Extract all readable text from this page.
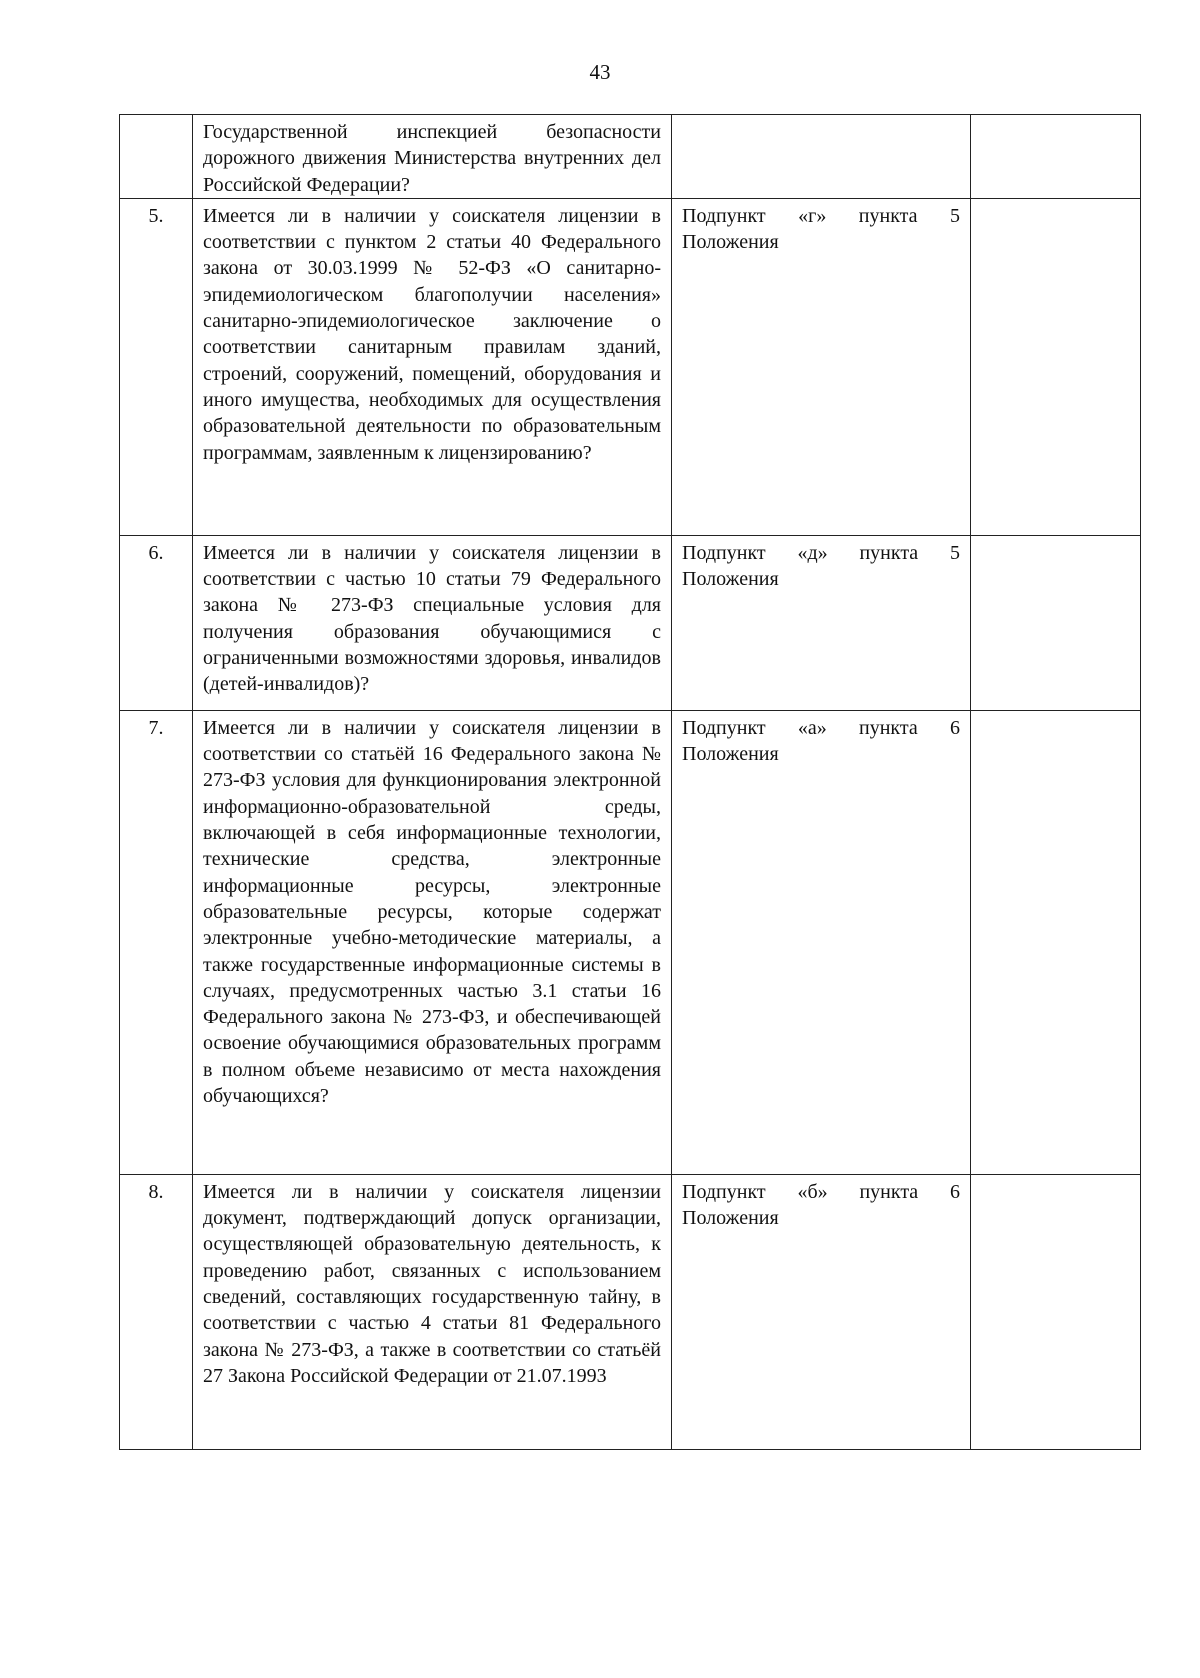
43

	Государственной инспекцией безопасности дорожного движения Министерства внутренних дел Российской Федерации?		

5.	Имеется ли в наличии у соискателя лицензии в соответствии с пунктом 2 статьи 40 Федерального закона от 30.03.1999 № 52-ФЗ «О санитарно-эпидемиологическом благополучии населения» санитарно-эпидемиологическое заключение о соответствии санитарным правилам зданий, строений, сооружений, помещений, оборудования и иного имущества, необходимых для осуществления образовательной деятельности по образовательным программам, заявленным к лицензированию?	Подпункт «г» пункта 5 Положения	

6.	Имеется ли в наличии у соискателя лицензии в соответствии с частью 10 статьи 79 Федерального закона № 273-ФЗ специальные условия для получения образования обучающимися с ограниченными возможностями здоровья, инвалидов (детей-инвалидов)?	Подпункт «д» пункта 5 Положения	

7.	Имеется ли в наличии у соискателя лицензии в соответствии со статьёй 16 Федерального закона № 273-ФЗ условия для функционирования электронной информационно-образовательной среды, включающей в себя информационные технологии, технические средства, электронные информационные ресурсы, электронные образовательные ресурсы, которые содержат электронные учебно-методические материалы, а также государственные информационные системы в случаях, предусмотренных частью 3.1 статьи 16 Федерального закона № 273-ФЗ, и обеспечивающей освоение обучающимися образовательных программ в полном объеме независимо от места нахождения обучающихся?	Подпункт «а» пункта 6 Положения	

8.	Имеется ли в наличии у соискателя лицензии документ, подтверждающий допуск организации, осуществляющей образовательную деятельность, к проведению работ, связанных с использованием сведений, составляющих государственную тайну, в соответствии с частью 4 статьи 81 Федерального закона № 273-ФЗ, а также в соответствии со статьёй 27 Закона Российской Федерации от 21.07.1993	Подпункт «б» пункта 6 Положения	
